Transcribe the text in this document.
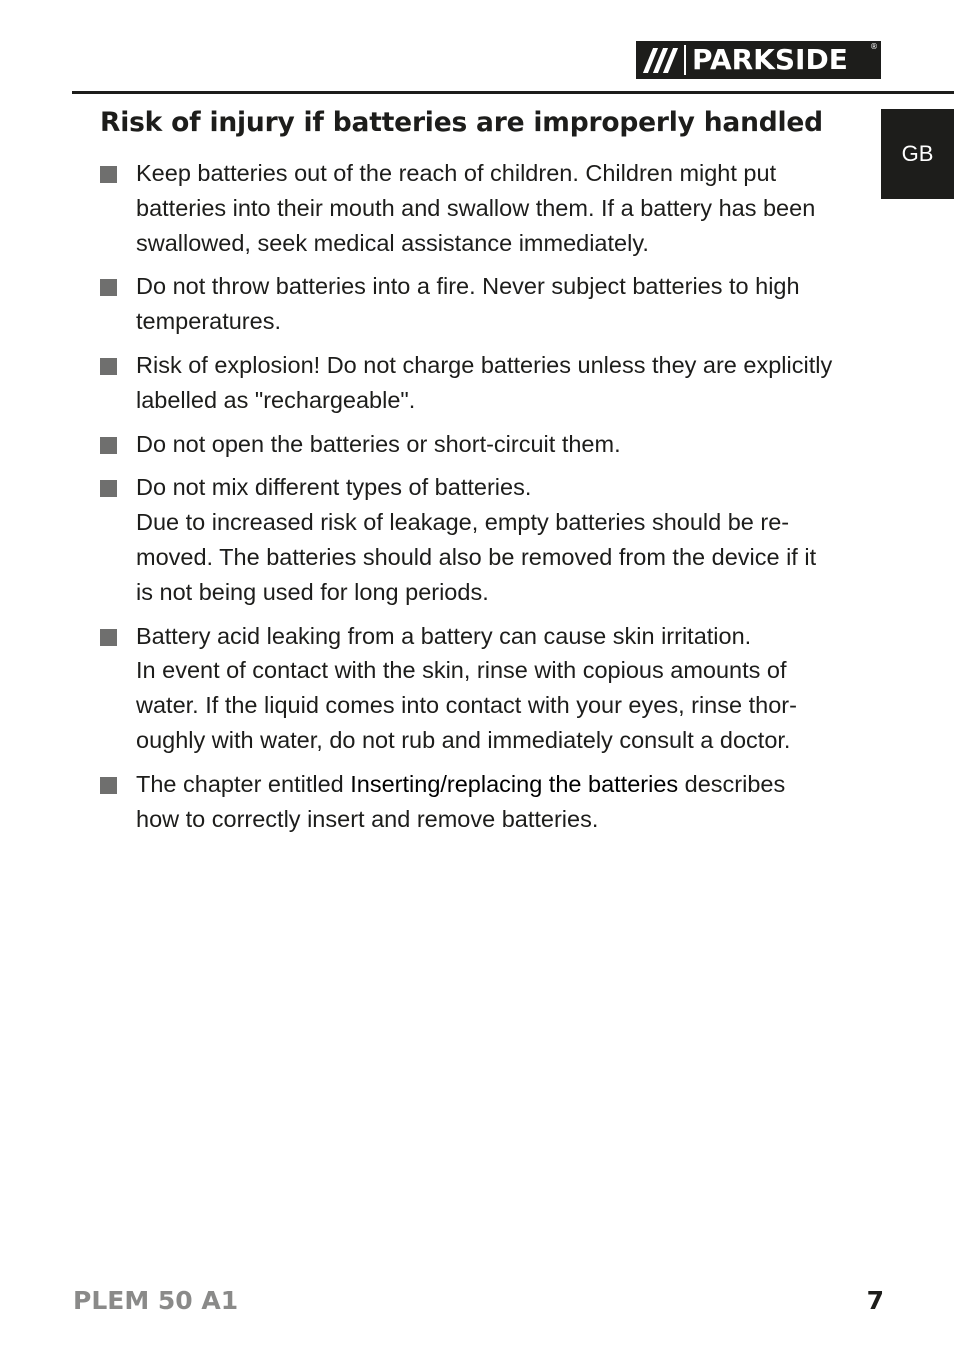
PARKSIDE	®
GB
Risk of injury if batteries are improperly handled
Keep batteries out of the reach of children. Children might put
batteries into their mouth and swallow them. If a battery has been
swallowed, seek medical assistance immediately.
Do not throw batteries into a fire. Never subject batteries to high
temperatures.
Risk of explosion! Do not charge batteries unless they are explicitly
labelled as "rechargeable".
Do not open the batteries or short-circuit them.
Do not mix different types of batteries.
Due to increased risk of leakage, empty batteries should be re-
moved. The batteries should also be removed from the device if it
is not being used for long periods.
Battery acid leaking from a battery can cause skin irritation.
In event of contact with the skin, rinse with copious amounts of
water. If the liquid comes into contact with your eyes, rinse thor-
oughly with water, do not rub and immediately consult a doctor.
The chapter entitled Inserting/replacing the batteries describes
how to correctly insert and remove batteries.
PLEM 50 A1	7
